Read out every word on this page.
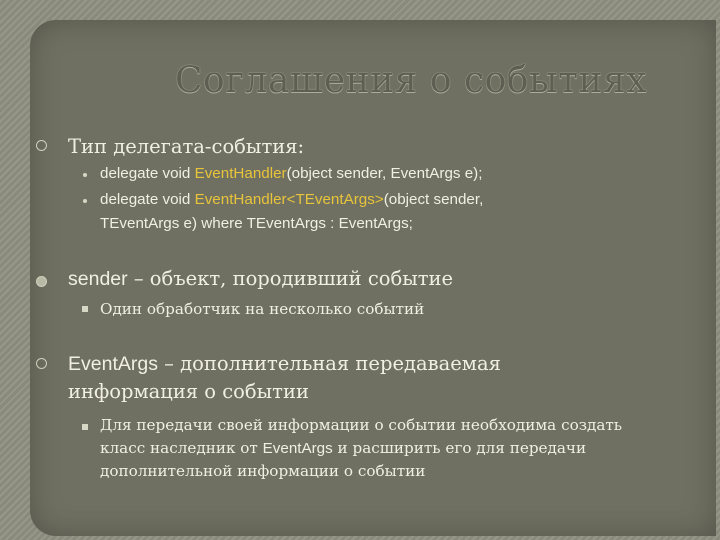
Соглашения о событиях
Тип делегата-события:
delegate void EventHandler(object sender, EventArgs e);
delegate void EventHandler<TEventArgs>(object sender,
TEventArgs e) where TEventArgs : EventArgs;
sender – объект, породивший событие
Один обработчик на несколько событий
EventArgs – дополнительная передаваемая
информация о событии
Для передачи своей информации о событии необходима создать
класс наследник от EventArgs и расширить его для передачи
дополнительной информации о событии
